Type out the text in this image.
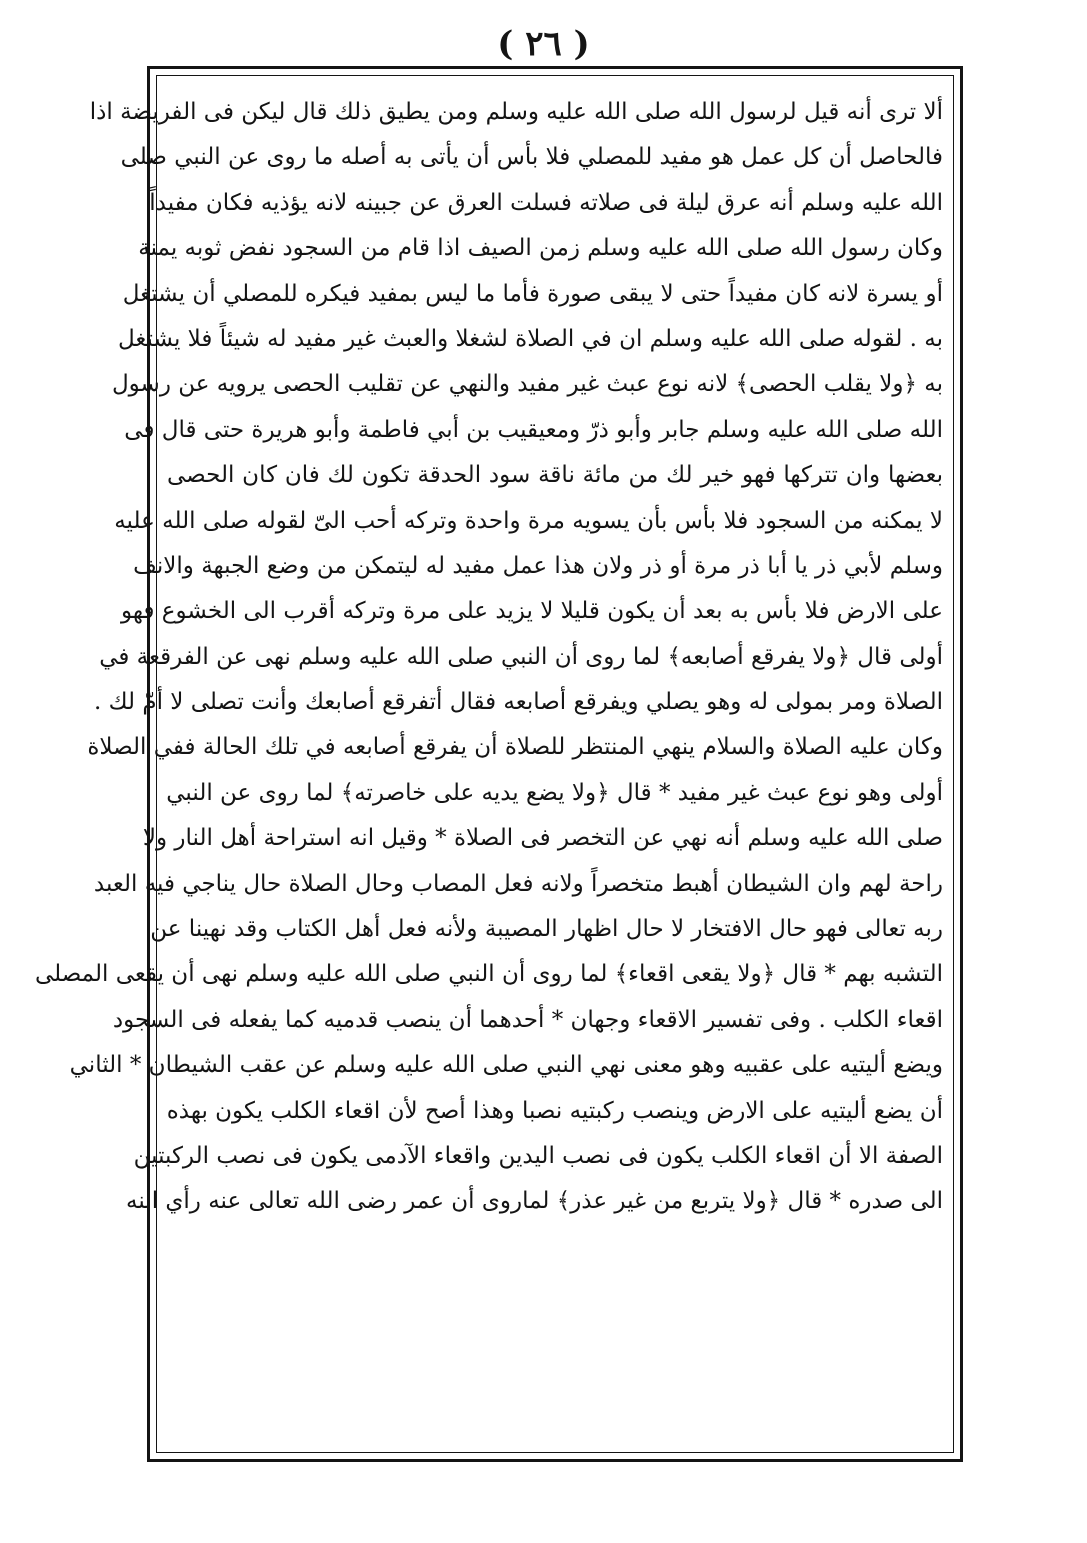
( ٢٦ )
ألا ترى أنه قيل لرسول الله صلى الله عليه وسلم ومن يطيق ذلك قال ليكن فى الفريضة اذا
فالحاصل أن كل عمل هو مفيد للمصلي فلا بأس أن يأتى به أصله ما روى عن النبي صلى
الله عليه وسلم أنه عرق ليلة فى صلاته فسلت العرق عن جبينه لانه يؤذيه فكان مفيداً
وكان رسول الله صلى الله عليه وسلم زمن الصيف اذا قام من السجود نفض ثوبه يمنة
أو يسرة لانه كان مفيداً حتى لا يبقى صورة فأما ما ليس بمفيد فيكره للمصلي أن يشتغل
به . لقوله صلى الله عليه وسلم ان في الصلاة لشغلا والعبث غير مفيد له شيئاً فلا يشتغل
به ﴿ولا يقلب الحصى﴾ لانه نوع عبث غير مفيد والنهي عن تقليب الحصى يرويه عن رسول
الله صلى الله عليه وسلم جابر وأبو ذرّ ومعيقيب بن أبي فاطمة وأبو هريرة حتى قال فى
بعضها وان تتركها فهو خير لك من مائة ناقة سود الحدقة تكون لك فان كان الحصى
لا يمكنه من السجود فلا بأس بأن يسويه مرة واحدة وتركه أحب الىّ لقوله صلى الله عليه
وسلم لأبي ذر يا أبا ذر مرة أو ذر ولان هذا عمل مفيد له ليتمكن من وضع الجبهة والانف
على الارض فلا بأس به بعد أن يكون قليلا لا يزيد على مرة وتركه أقرب الى الخشوع فهو
أولى قال ﴿ولا يفرقع أصابعه﴾ لما روى أن النبي صلى الله عليه وسلم نهى عن الفرقعة في
الصلاة ومر بمولى له وهو يصلي ويفرقع أصابعه فقال أتفرقع أصابعك وأنت تصلى لا أمّ لك .
وكان عليه الصلاة والسلام ينهي المنتظر للصلاة أن يفرقع أصابعه في تلك الحالة ففي الصلاة
أولى وهو نوع عبث غير مفيد * قال ﴿ولا يضع يديه على خاصرته﴾ لما روى عن النبي
صلى الله عليه وسلم أنه نهي عن التخصر فى الصلاة * وقيل انه استراحة أهل النار ولا
راحة لهم وان الشيطان أهبط متخصراً ولانه فعل المصاب وحال الصلاة حال يناجي فيه العبد
ربه تعالى فهو حال الافتخار لا حال اظهار المصيبة ولأنه فعل أهل الكتاب وقد نهينا عن
التشبه بهم * قال ﴿ولا يقعى اقعاء﴾ لما روى أن النبي صلى الله عليه وسلم نهى أن يقعى المصلى
اقعاء الكلب . وفى تفسير الاقعاء وجهان * أحدهما أن ينصب قدميه كما يفعله فى السجود
ويضع أليتيه على عقبيه وهو معنى نهي النبي صلى الله عليه وسلم عن عقب الشيطان * الثاني
أن يضع أليتيه على الارض وينصب ركبتيه نصبا وهذا أصح لأن اقعاء الكلب يكون بهذه
الصفة الا أن اقعاء الكلب يكون فى نصب اليدين واقعاء الآدمى يكون فى نصب الركبتين
الى صدره * قال ﴿ولا يتربع من غير عذر﴾ لماروى أن عمر رضى الله تعالى عنه رأي ابنه
